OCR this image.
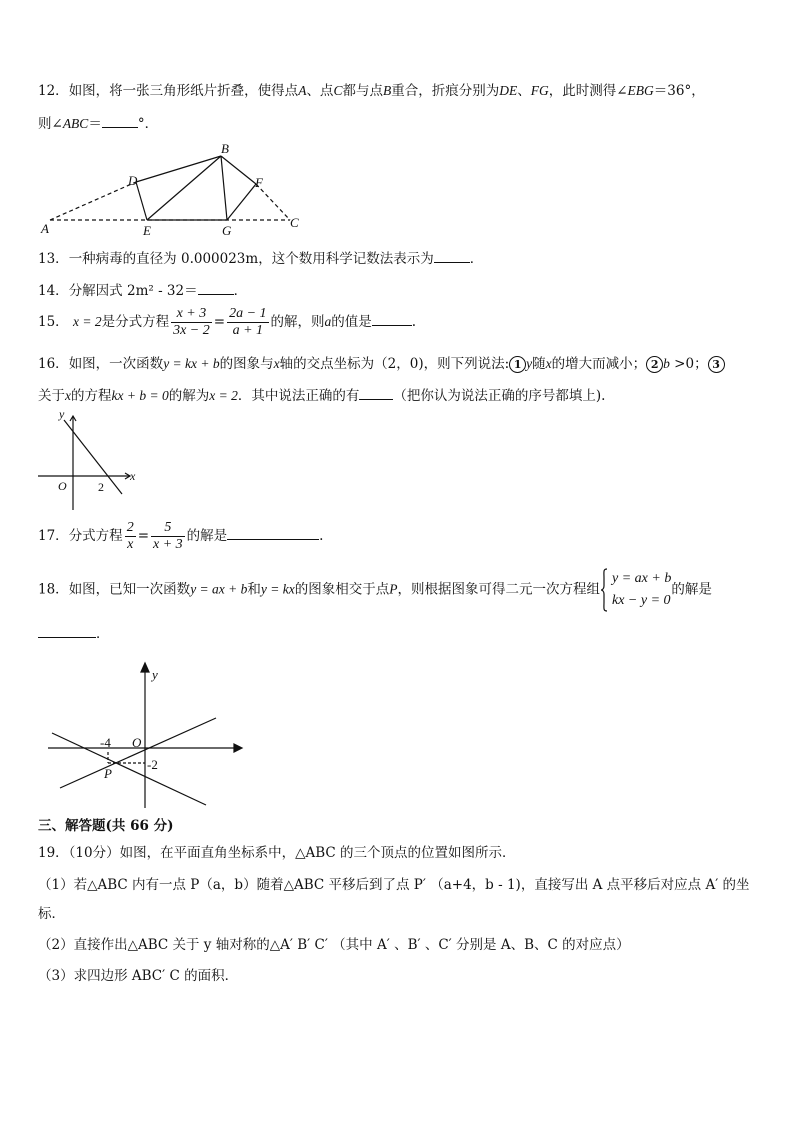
12．如图，将一张三角形纸片折叠，使得点A、点C都与点B重合，折痕分别为DE、FG，此时测得∠EBG＝36°，
则∠ABC＝	°．
A
B
C
D
E
F
G
13．一种病毒的直径为 0.000023m，这个数用科学记数法表示为	．
14．分解因式 2m² - 32＝	．
15． x = 2是分式方程 $\frac{x + 3}{3x - 2} = \frac{2a - 1}{a + 1}$ 的解，则a的值是	.
16．如图，一次函数y = kx + b的图象与x轴的交点坐标为（2，0)，则下列说法: 1 y随x的增大而减小； 2 b >0； 3
关于x的方程kx + b = 0的解为x = 2．其中说法正确的有	（把你认为说法正确的序号都填上).
y
x
O	2
17．分式方程 $\frac{2}{x} = \frac{5}{x + 3}$ 的解是	.
18．如图，已知一次函数y = ax + b和y = kx的图象相交于点P，则根据图象可得二元一次方程组
y = ax + b
kx − y = 0
的解是
．
y
O
-4
-2
P
三、解答题(共 66 分)
19．（10分）如图，在平面直角坐标系中，△ABC 的三个顶点的位置如图所示．
（1）若△ABC 内有一点 P（a，b）随着△ABC 平移后到了点 P′ （a+4，b - 1)，直接写出 A 点平移后对应点 A′ 的坐
标．
（2）直接作出△ABC 关于 y 轴对称的△A′ B′ C′ （其中 A′ 、B′ 、C′ 分别是 A、B、C 的对应点）
（3）求四边形 ABC′ C 的面积．
